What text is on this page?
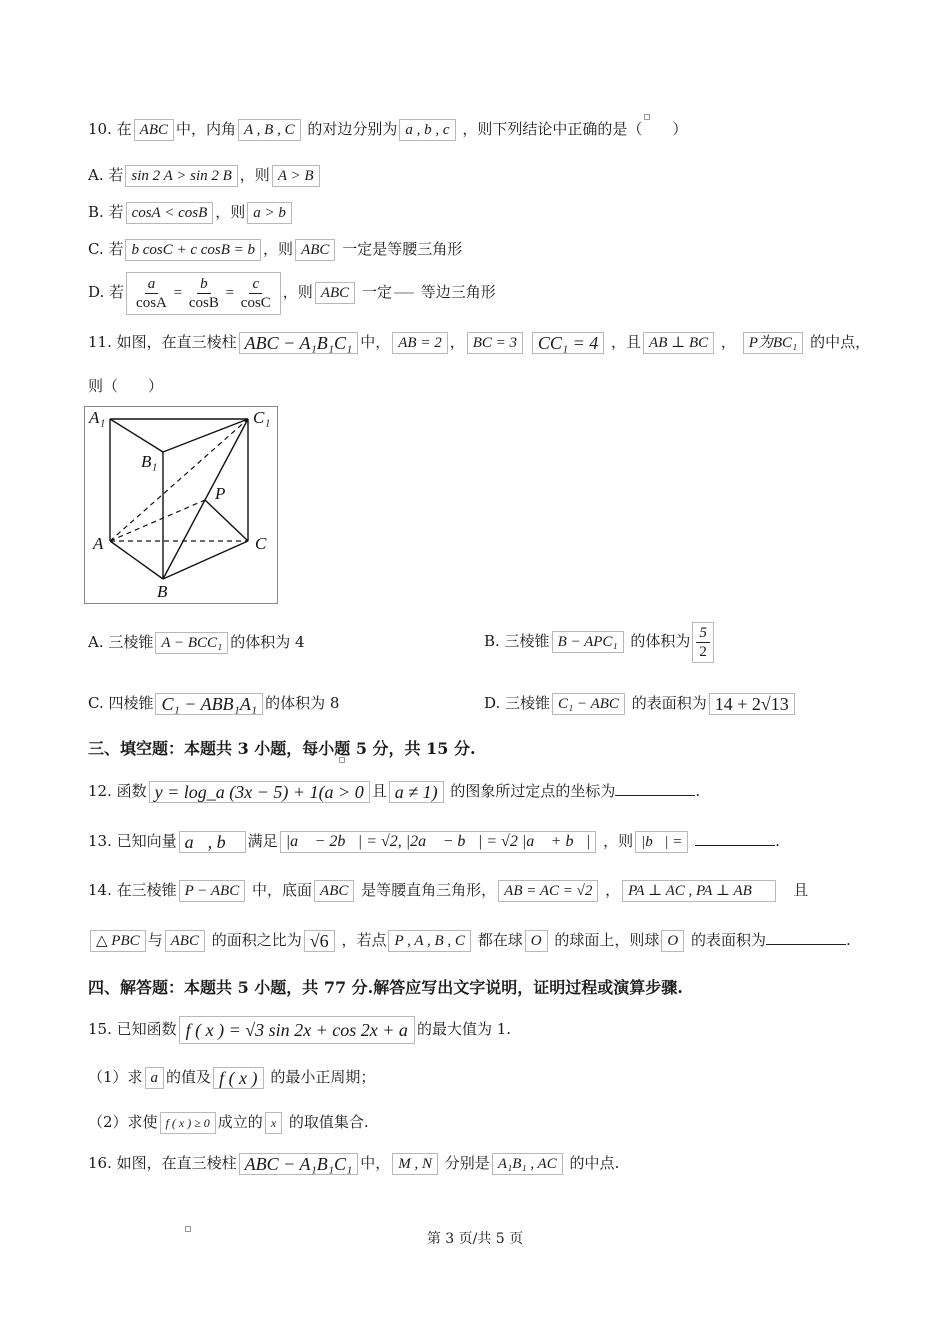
10. 在 ABC 中，内角 A , B , C 的对边分别为 a , b , c ，则下列结论中正确的是（　　）
A. 若 sin 2 A > sin 2 B ，则 A > B
B. 若 cosA < cosB ，则 a > b
C. 若 b cosC + c cosB = b ，则 ABC 一定是等腰三角形
D. 若 $\frac{a}{\cos A} = \frac{b}{\cos B} = \frac{c}{\cos C}$ ，则 ABC 一定 等边三角形
11. 如图，在直三棱柱 ABC − A₁B₁C₁ 中， AB = 2 ， BC = 3 CC₁ = 4 ，且 AB ⊥ BC ， P为BC₁ 的中点，
则（　　）
A₁	C₁
B₁
P
A	C
B
A. 三棱锥 A − BCC₁ 的体积为 4	B. 三棱锥 B − APC₁ 的体积为 $\frac{5}{2}$
C. 四棱锥 C₁ − ABB₁A₁ 的体积为 8	D. 三棱锥 C₁ − ABC 的表面积为 14 + 2√13
三、填空题：本题共 3 小题，每小题 5 分，共 15 分.
12. 函数 y = log_a (3x − 5) + 1(a > 0 且 a ≠ 1) 的图象所过定点的坐标为	.
13. 已知向量 a⃗, b⃗ 满足 |a⃗ − 2b⃗| = √2, |2a⃗ − b⃗| = √2 |a⃗ + b⃗| ，则 |b⃗| =	.
14. 在三棱锥 P − ABC 中，底面 ABC 是等腰直角三角形， AB = AC = √2 ， PA ⊥ AC , PA ⊥ AB　	且
△ PBC 与 ABC 的面积之比为 √6 ，若点 P , A , B , C 都在球 O 的球面上，则球 O 的表面积为	.
四、解答题：本题共 5 小题，共 77 分.解答应写出文字说明，证明过程或演算步骤.
15. 已知函数 f ( x ) = √3 sin 2x + cos 2x + a 的最大值为 1.
（1）求 a 的值及 f ( x ) 的最小正周期；
（2）求使 f ( x ) ≥ 0 成立的 x 的取值集合.
16. 如图，在直三棱柱 ABC − A₁B₁C₁ 中， M , N 分别是 A₁B₁ , AC 的中点.
第 3 页/共 5 页
